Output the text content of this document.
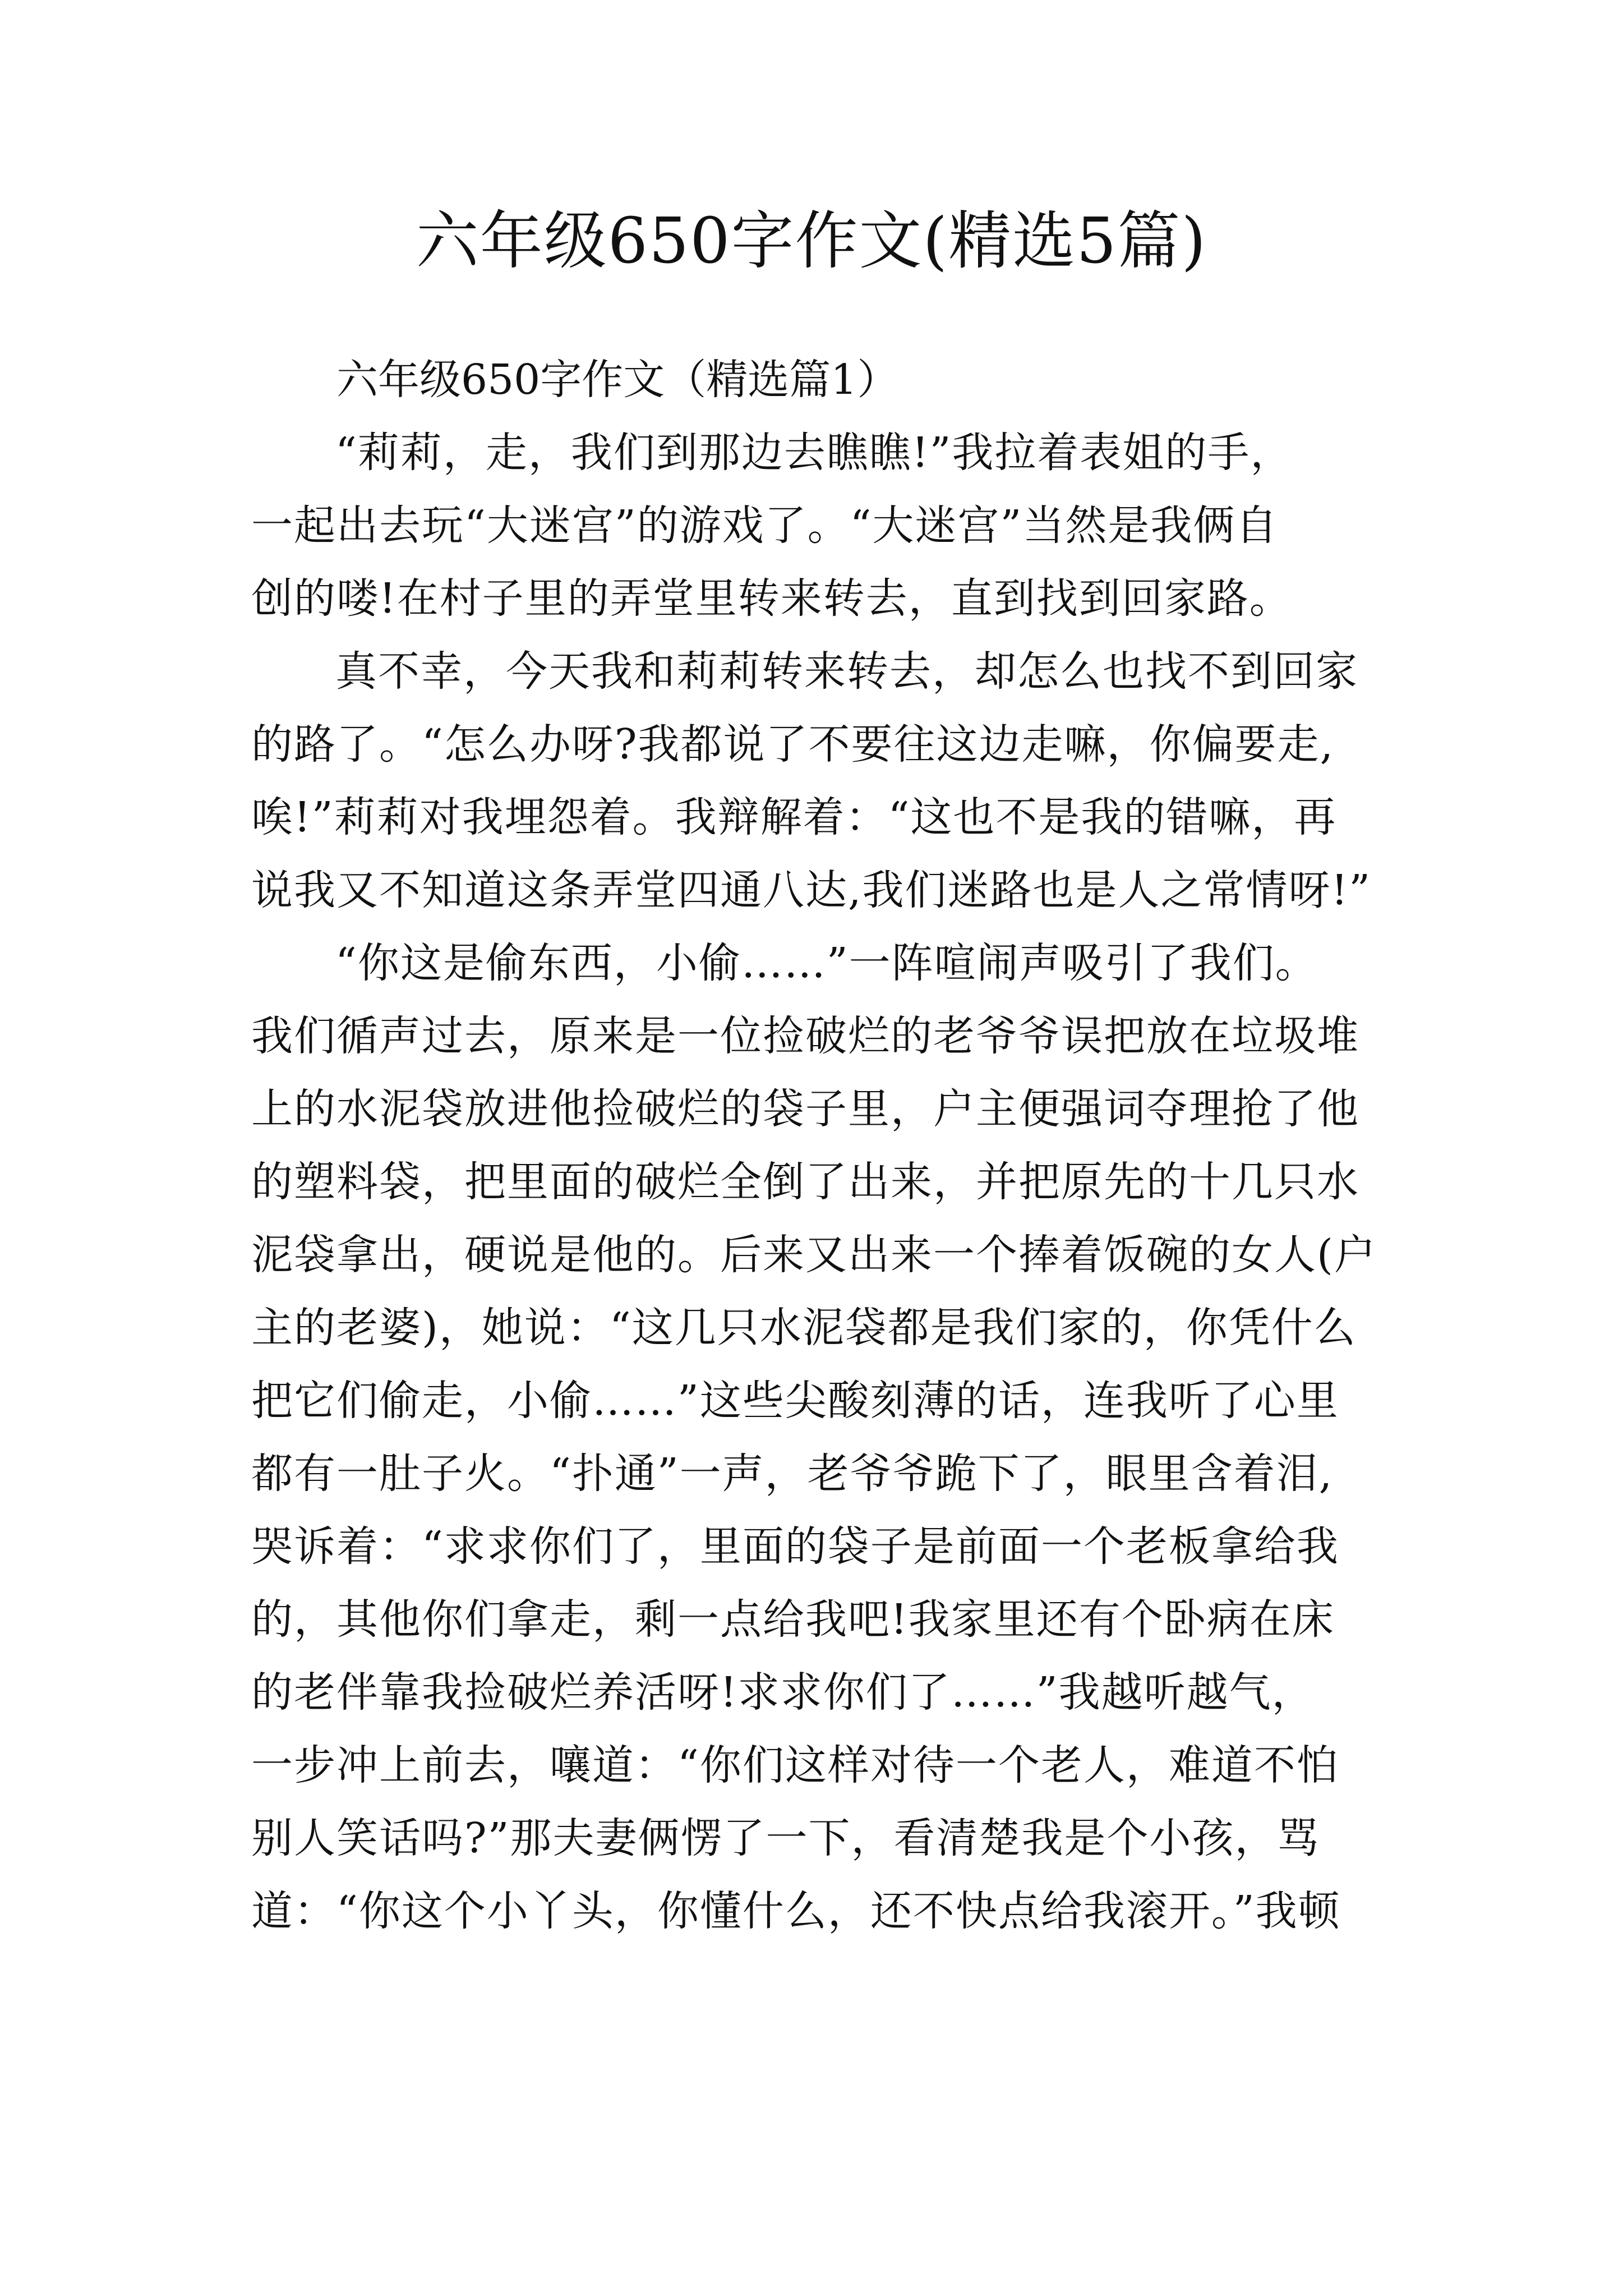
六年级650字作文(精选5篇)

六年级650字作文（精选篇1）

“莉莉，走，我们到那边去瞧瞧!”我拉着表姐的手，
一起出去玩“大迷宫”的游戏了。“大迷宫”当然是我俩自
创的喽!在村子里的弄堂里转来转去，直到找到回家路。

真不幸，今天我和莉莉转来转去，却怎么也找不到回家
的路了。“怎么办呀?我都说了不要往这边走嘛，你偏要走,
唉!”莉莉对我埋怨着。我辩解着：“这也不是我的错嘛，再
说我又不知道这条弄堂四通八达,我们迷路也是人之常情呀!”

“你这是偷东西，小偷……”一阵喧闹声吸引了我们。
我们循声过去，原来是一位捡破烂的老爷爷误把放在垃圾堆
上的水泥袋放进他捡破烂的袋子里，户主便强词夺理抢了他
的塑料袋，把里面的破烂全倒了出来，并把原先的十几只水
泥袋拿出，硬说是他的。后来又出来一个捧着饭碗的女人(户
主的老婆)，她说：“这几只水泥袋都是我们家的，你凭什么
把它们偷走，小偷……”这些尖酸刻薄的话，连我听了心里
都有一肚子火。“扑通”一声，老爷爷跪下了，眼里含着泪,
哭诉着：“求求你们了，里面的袋子是前面一个老板拿给我
的，其他你们拿走，剩一点给我吧!我家里还有个卧病在床
的老伴靠我捡破烂养活呀!求求你们了……”我越听越气，
一步冲上前去，嚷道：“你们这样对待一个老人，难道不怕
别人笑话吗?”那夫妻俩愣了一下，看清楚我是个小孩，骂
道：“你这个小丫头，你懂什么，还不快点给我滚开。”我顿
